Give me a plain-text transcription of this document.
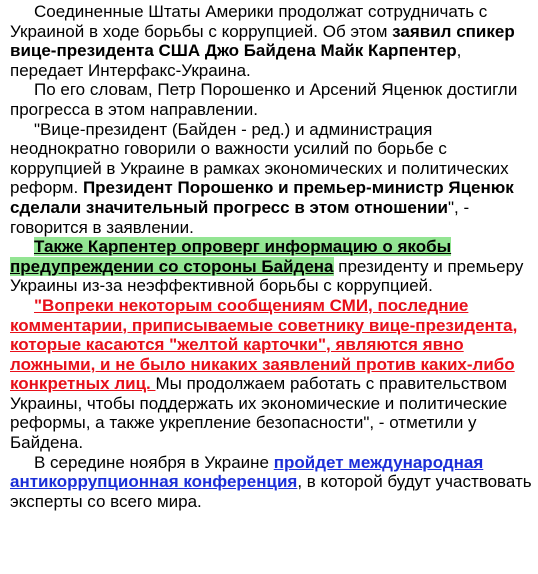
Соединенные Штаты Америки продолжат сотрудничать с Украиной в ходе борьбы с коррупцией. Об этом заявил спикер вице-президента США Джо Байдена Майк Карпентер, передает Интерфакс-Украина.

По его словам, Петр Порошенко и Арсений Яценюк достигли прогресса в этом направлении.

"Вице-президент (Байден - ред.) и администрация неоднократно говорили о важности усилий по борьбе с коррупцией в Украине в рамках экономических и политических реформ. Президент Порошенко и премьер-министр Яценюк сделали значительный прогресс в этом отношении", - говорится в заявлении.

Также Карпентер опроверг информацию о якобы предупреждении со стороны Байдена президенту и премьеру Украины из-за неэффективной борьбы с коррупцией.

"Вопреки некоторым сообщениям СМИ, последние комментарии, приписываемые советнику вице-президента, которые касаются "желтой карточки", являются явно ложными, и не было никаких заявлений против каких-либо конкретных лиц. Мы продолжаем работать с правительством Украины, чтобы поддержать их экономические и политические реформы, а также укрепление безопасности", - отметили у Байдена.

В середине ноября в Украине пройдет международная антикоррупционная конференция, в которой будут участвовать эксперты со всего мира.
